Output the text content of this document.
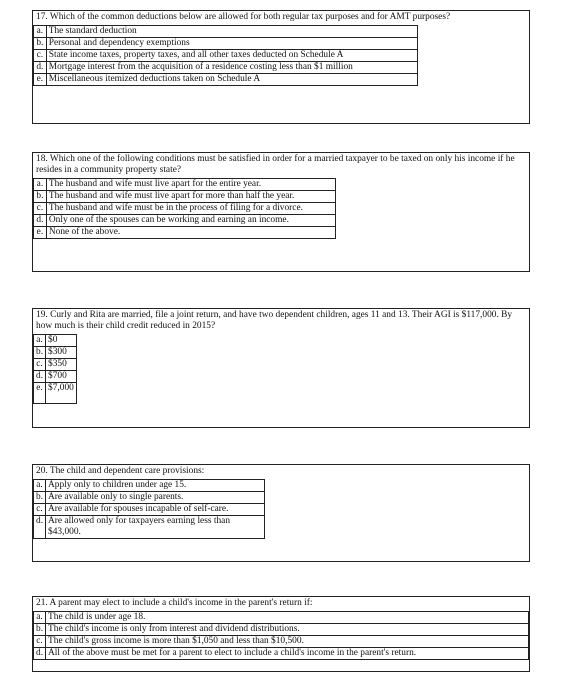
17. Which of the common deductions below are allowed for both regular tax purposes and for AMT purposes?
a.	The standard deduction
b.	Personal and dependency exemptions
c.	State income taxes, property taxes, and all other taxes deducted on Schedule A
d.	Mortgage interest from the acquisition of a residence costing less than $1 million
e.	Miscellaneous itemized deductions taken on Schedule A
18. Which one of the following conditions must be satisfied in order for a married taxpayer to be taxed on only his income if he resides in a community property state?
a.	The husband and wife must live apart for the entire year.
b.	The husband and wife must live apart for more than half the year.
c.	The husband and wife must be in the process of filing for a divorce.
d.	Only one of the spouses can be working and earning an income.
e.	None of the above.
19. Curly and Rita are married, file a joint return, and have two dependent children, ages 11 and 13. Their AGI is $117,000. By how much is their child credit reduced in 2015?
a.	$0
b.	$300
c.	$350
d.	$700
e.	$7,000
20. The child and dependent care provisions:
a.	Apply only to children under age 15.
b.	Are available only to single parents.
c.	Are available for spouses incapable of self-care.
d.	Are allowed only for taxpayers earning less than $43,000.
21. A parent may elect to include a child's income in the parent's return if:
a.	The child is under age 18.
b.	The child's income is only from interest and dividend distributions.
c.	The child's gross income is more than $1,050 and less than $10,500.
d.	All of the above must be met for a parent to elect to include a child's income in the parent's return.
